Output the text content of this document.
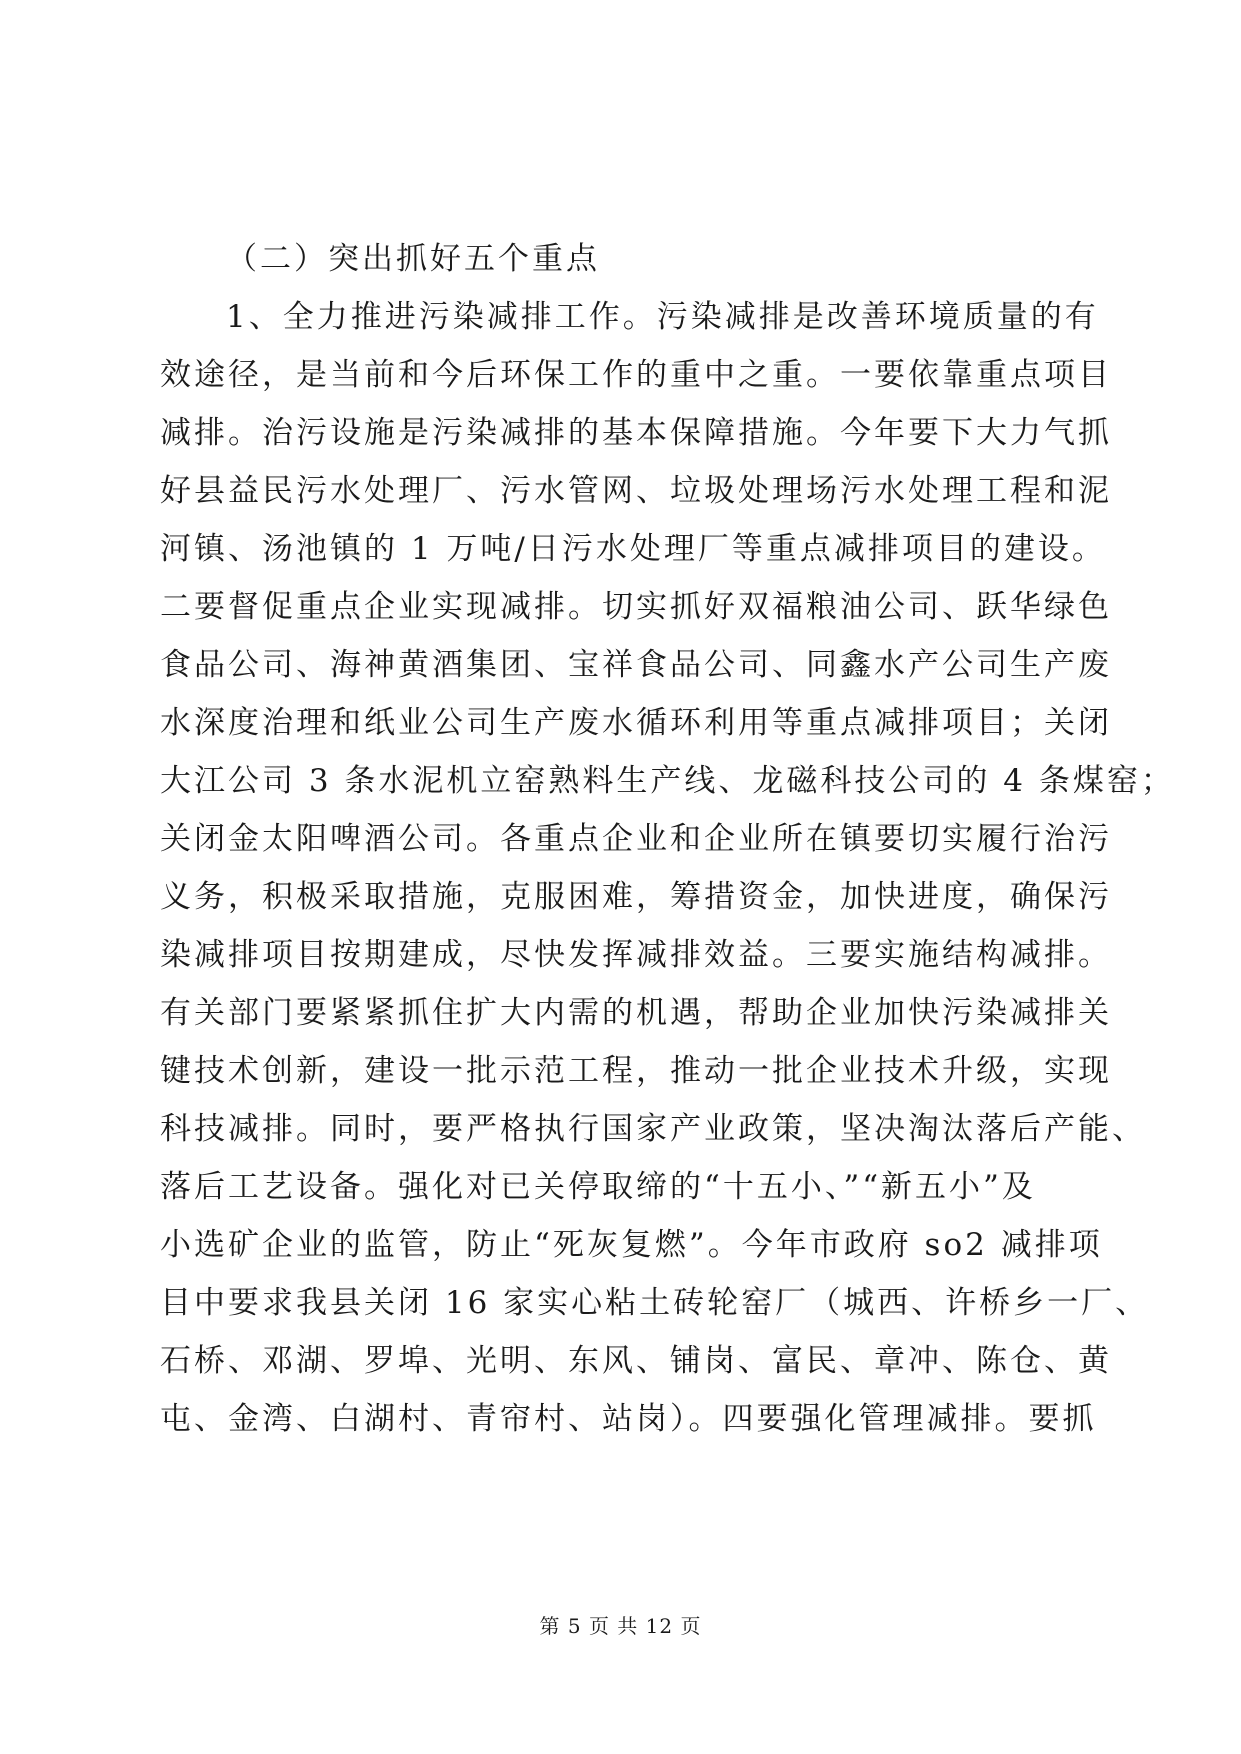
（二）突出抓好五个重点
1、全力推进污染减排工作。污染减排是改善环境质量的有
效途径，是当前和今后环保工作的重中之重。一要依靠重点项目
减排。治污设施是污染减排的基本保障措施。今年要下大力气抓
好县益民污水处理厂、污水管网、垃圾处理场污水处理工程和泥
河镇、汤池镇的 1 万吨/日污水处理厂等重点减排项目的建设。
二要督促重点企业实现减排。切实抓好双福粮油公司、跃华绿色
食品公司、海神黄酒集团、宝祥食品公司、同鑫水产公司生产废
水深度治理和纸业公司生产废水循环利用等重点减排项目；关闭
大江公司 3 条水泥机立窑熟料生产线、龙磁科技公司的 4 条煤窑；
关闭金太阳啤酒公司。各重点企业和企业所在镇要切实履行治污
义务，积极采取措施，克服困难，筹措资金，加快进度，确保污
染减排项目按期建成，尽快发挥减排效益。三要实施结构减排。
有关部门要紧紧抓住扩大内需的机遇，帮助企业加快污染减排关
键技术创新，建设一批示范工程，推动一批企业技术升级，实现
科技减排。同时，要严格执行国家产业政策，坚决淘汰落后产能、
落后工艺设备。强化对已关停取缔的“十五小、”“新五小”及
小选矿企业的监管，防止“死灰复燃”。今年市政府 so2 减排项
目中要求我县关闭 16 家实心粘土砖轮窑厂（城西、许桥乡一厂、
石桥、邓湖、罗埠、光明、东风、铺岗、富民、章冲、陈仓、黄
屯、金湾、白湖村、青帘村、站岗）。四要强化管理减排。要抓
第 5 页 共 12 页
